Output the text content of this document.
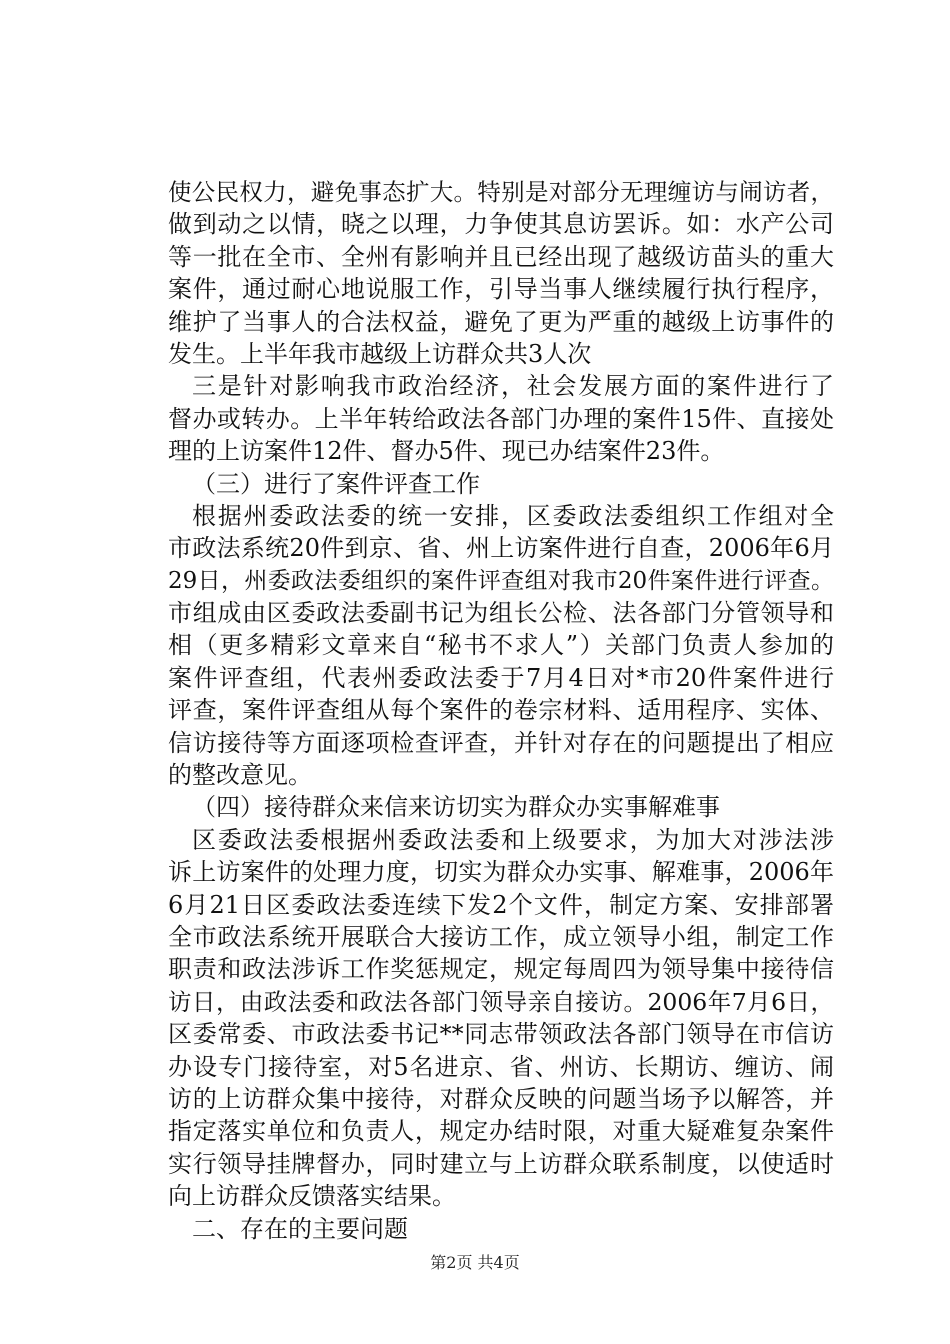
使公民权力，避免事态扩大。特别是对部分无理缠访与闹访者，
做到动之以情，晓之以理，力争使其息访罢诉。如：水产公司
等一批在全市、全州有影响并且已经出现了越级访苗头的重大
案件，通过耐心地说服工作，引导当事人继续履行执行程序，
维护了当事人的合法权益，避免了更为严重的越级上访事件的
发生。上半年我市越级上访群众共3人次
三是针对影响我市政治经济，社会发展方面的案件进行了
督办或转办。上半年转给政法各部门办理的案件15件、直接处
理的上访案件12件、督办5件、现已办结案件23件。
（三）进行了案件评查工作
根据州委政法委的统一安排，区委政法委组织工作组对全
市政法系统20件到京、省、州上访案件进行自查，2006年6月
29日，州委政法委组织的案件评查组对我市20件案件进行评查。
市组成由区委政法委副书记为组长公检、法各部门分管领导和
相（更多精彩文章来自“秘书不求人”）关部门负责人参加的
案件评查组，代表州委政法委于7月4日对*市20件案件进行
评查，案件评查组从每个案件的卷宗材料、适用程序、实体、
信访接待等方面逐项检查评查，并针对存在的问题提出了相应
的整改意见。
（四）接待群众来信来访切实为群众办实事解难事
区委政法委根据州委政法委和上级要求，为加大对涉法涉
诉上访案件的处理力度，切实为群众办实事、解难事，2006年
6月21日区委政法委连续下发2个文件，制定方案、安排部署
全市政法系统开展联合大接访工作，成立领导小组，制定工作
职责和政法涉诉工作奖惩规定，规定每周四为领导集中接待信
访日，由政法委和政法各部门领导亲自接访。2006年7月6日，
区委常委、市政法委书记**同志带领政法各部门领导在市信访
办设专门接待室，对5名进京、省、州访、长期访、缠访、闹
访的上访群众集中接待，对群众反映的问题当场予以解答，并
指定落实单位和负责人，规定办结时限，对重大疑难复杂案件
实行领导挂牌督办，同时建立与上访群众联系制度，以使适时
向上访群众反馈落实结果。
二、存在的主要问题
第2页 共4页
